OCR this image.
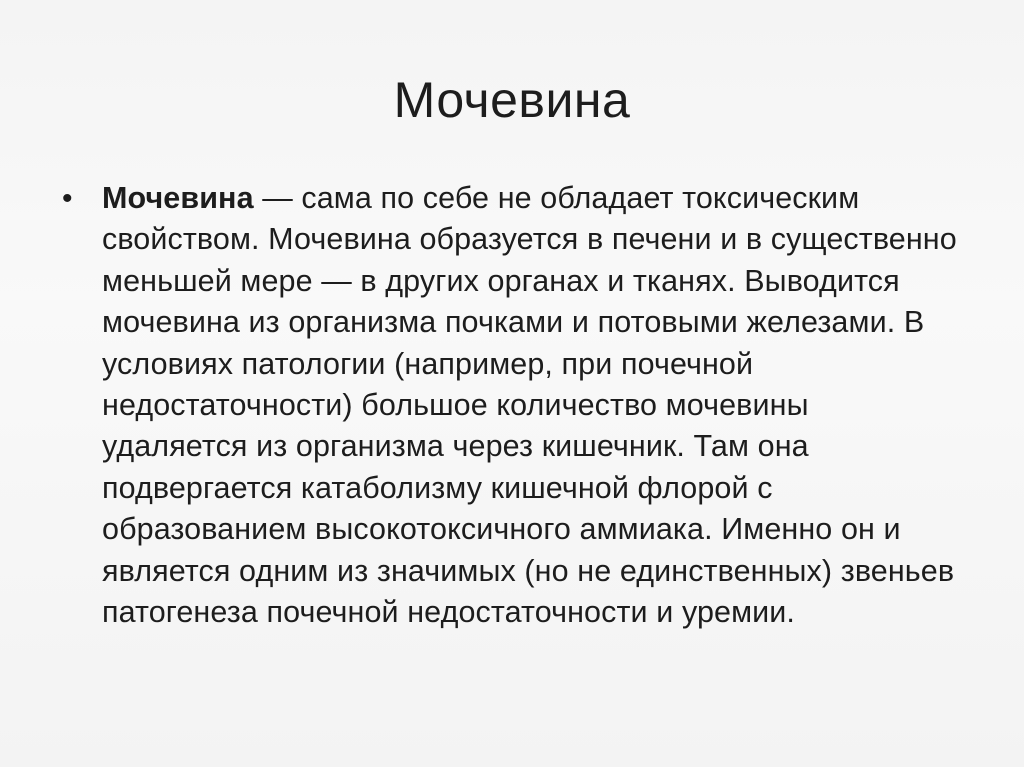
Мочевина
• Мочевина — сама по себе не обладает токсическим свойством. Мочевина образуется в печени и в существенно меньшей мере — в других органах и тканях. Выводится мочевина из организма почками и потовыми железами. В условиях патологии (например, при почечной недостаточности) большое количество мочевины удаляется из организма через кишечник. Там она подвергается катаболизму кишечной флорой с образованием высокотоксичного аммиака. Именно он и является одним из значимых (но не единственных) звеньев патогенеза почечной недостаточности и уремии.
